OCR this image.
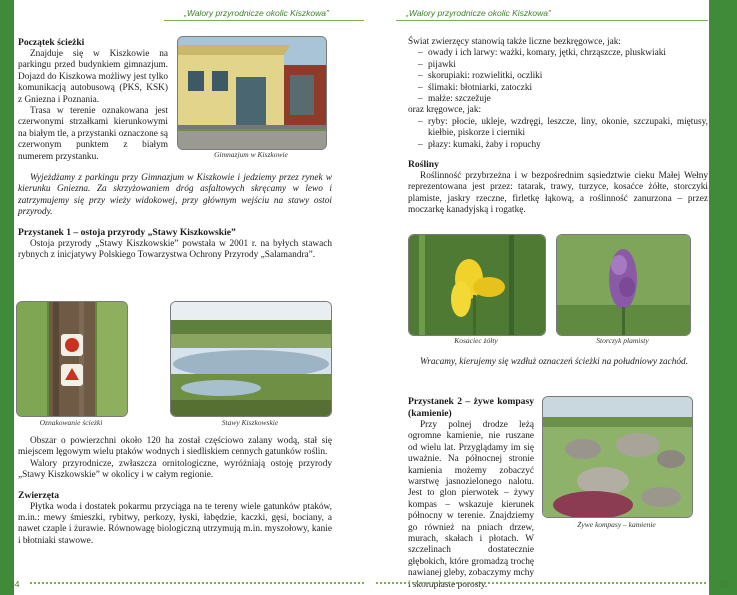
„Walory przyrodnicze okolic Kiszkowa”
Początek ścieżki

Znajduje się w Kiszkowie na parkingu przed budynkiem gimnazjum. Dojazd do Kiszkowa możliwy jest tylko komunikacją autobusową (PKS, KSK) z Gniezna i Poznania.

Trasa w terenie oznakowana jest czerwonymi strzałkami kierunkowymi na białym tle, a przystanki oznaczone są czerwonym punktem z białym numerem przystanku.	Gimnazjum w Kiszkowie

Wyjeżdżamy z parkingu przy Gimnazjum w Kiszkowie i jedziemy przez rynek w kierunku Gniezna. Za skrzyżowaniem dróg asfaltowych skręcamy w lewo i zatrzymujemy się przy wieży widokowej, przy głównym wejściu na stawy ostoi przyrody.

Przystanek 1 – ostoja przyrody „Stawy Kiszkowskie”

Ostoja przyrody „Stawy Kiszkowskie” powstała w 2001 r. na byłych stawach rybnych z inicjatywy Polskiego Towarzystwa Ochrony Przyrody „Salamandra”.

Oznakowanie ścieżki	Stawy Kiszkowskie

Obszar o powierzchni około 120 ha został częściowo zalany wodą, stał się miejscem lęgowym wielu ptaków wodnych i siedliskiem cennych gatunków roślin.

Walory przyrodnicze, zwłaszcza ornitologiczne, wyróżniają ostoję przyrody „Stawy Kiszkowskie” w okolicy i w całym regionie.

Zwierzęta

Płytka woda i dostatek pokarmu przyciąga na te tereny wiele gatunków ptaków, m.in.: mewy śmieszki, rybitwy, perkozy, łyski, łabędzie, kaczki, gęsi, bociany, a nawet czaple i żurawie. Równowagę biologiczną utrzymują m.in. myszołowy, kanie i błotniaki stawowe.

34
„Walory przyrodnicze okolic Kiszkowa”

Świat zwierzęcy stanowią także liczne bezkręgowce, jak:

– owady i ich larwy: ważki, komary, jętki, chrząszcze, pluskwiaki
– pijawki
– skorupiaki: rozwielitki, oczliki
– ślimaki: błotniarki, zatoczki
– małże: szczežuje

oraz kręgowce, jak:

– ryby: płocie, ukleje, wzdręgi, leszcze, liny, okonie, szczupaki, miętusy, kiełbie, piskorze i cierniki
– płazy: kumaki, żaby i ropuchy
Rośliny

Roślinność przybrzeżna i w bezpośrednim sąsiedztwie cieku Małej Wełny reprezentowana jest przez: tatarak, trawy, turzyce, kosaćce żółte, storczyki plamiste, jaskry rzeczne, firletkę łąkową, a roślinność zanurzona – przez moczarkę kanadyjską i rogatkę.

Kosaciec żółty	Storczyk plamisty

Wracamy, kierujemy się wzdłuż oznaczeń ścieżki na południowy zachód.

Przystanek 2 – żywe kompasy (kamienie)

Przy polnej drodze leżą ogromne kamienie, nie ruszane od wielu lat. Przyglądamy im się uważnie. Na północnej stronie kamienia możemy zobaczyć warstwę jasnozielonego nalotu. Jest to glon pierwotek – żywy kompas – wskazuje kierunek północny w terenie. Znajdziemy go również na pniach drzew, murach, skałach i płotach. W szczelinach dostatecznie głębokich, które gromadzą trochę nawianej gleby, zobaczymy mchy i skorupiaste porosty.

Żywe kompasy – kamienie
35
